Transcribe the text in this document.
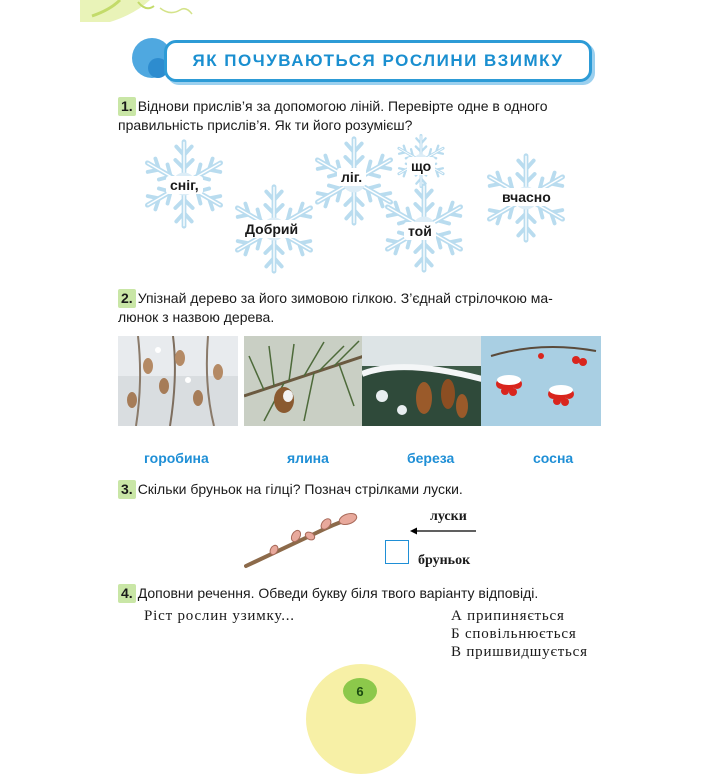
ЯК ПОЧУВАЮТЬСЯ РОСЛИНИ ВЗИМКУ
1. Віднови прислів’я за допомогою ліній. Перевірте одне в одного
правильність прислів’я. Як ти його розумієш?
сніг,
Добрий
ліг.
що
той
вчасно
2. Упізнай дерево за його зимовою гілкою. З’єднай стрілочкою ма-
люнок з назвою дерева.
горобина	ялина	береза	сосна
3. Скільки бруньок на гілці? Познач стрілками луски.
луски
бруньок
4. Доповни речення. Обведи букву біля твого варіанту відповіді.
Ріст рослин узимку...	А припиняється
Б сповільнюється
В пришвидшується
6
